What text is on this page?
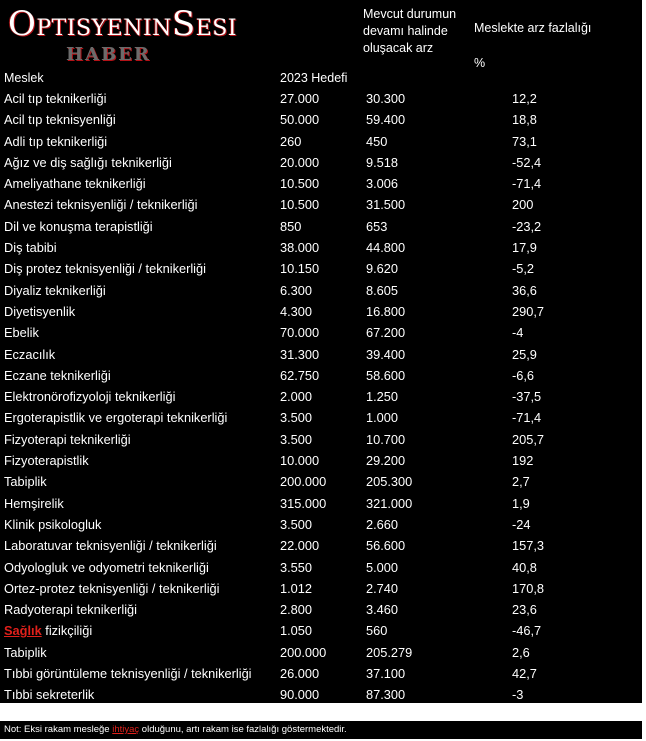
OPTISYENINSESI
HABER
Mevcut durumun devamı halinde oluşacak arz
Meslekte arz fazlalığı
%
Meslek	2023 Hedefi
Acil tıp teknikerliği	27.000	30.300	12,2
Acil tıp teknisyenliği	50.000	59.400	18,8
Adli tıp teknikerliği	260	450	73,1
Ağız ve diş sağlığı teknikerliği	20.000	9.518	-52,4
Ameliyathane teknikerliği	10.500	3.006	-71,4
Anestezi teknisyenliği / teknikerliği	10.500	31.500	200
Dil ve konuşma terapistliği	850	653	-23,2
Diş tabibi	38.000	44.800	17,9
Diş protez teknisyenliği / teknikerliği	10.150	9.620	-5,2
Diyaliz teknikerliği	6.300	8.605	36,6
Diyetisyenlik	4.300	16.800	290,7
Ebelik	70.000	67.200	-4
Eczacılık	31.300	39.400	25,9
Eczane teknikerliği	62.750	58.600	-6,6
Elektronörofizyoloji teknikerliği	2.000	1.250	-37,5
Ergoterapistlik ve ergoterapi teknikerliği	3.500	1.000	-71,4
Fizyoterapi teknikerliği	3.500	10.700	205,7
Fizyoterapistlik	10.000	29.200	192
Tabiplik	200.000	205.300	2,7
Hemşirelik	315.000	321.000	1,9
Klinik psikologluk	3.500	2.660	-24
Laboratuvar teknisyenliği / teknikerliği	22.000	56.600	157,3
Odyologluk ve odyometri teknikerliği	3.550	5.000	40,8
Ortez-protez teknisyenliği / teknikerliği	1.012	2.740	170,8
Radyoterapi teknikerliği	2.800	3.460	23,6
Sağlık fizikçiliği	1.050	560	-46,7
Tabiplik	200.000	205.279	2,6
Tıbbi görüntüleme teknisyenliği / teknikerliği 26.000	37.100	42,7
Tıbbi sekreterlik	90.000	87.300	-3
Not: Eksi rakam mesleğe ihtiyaç olduğunu, artı rakam ise fazlalığı göstermektedir.
